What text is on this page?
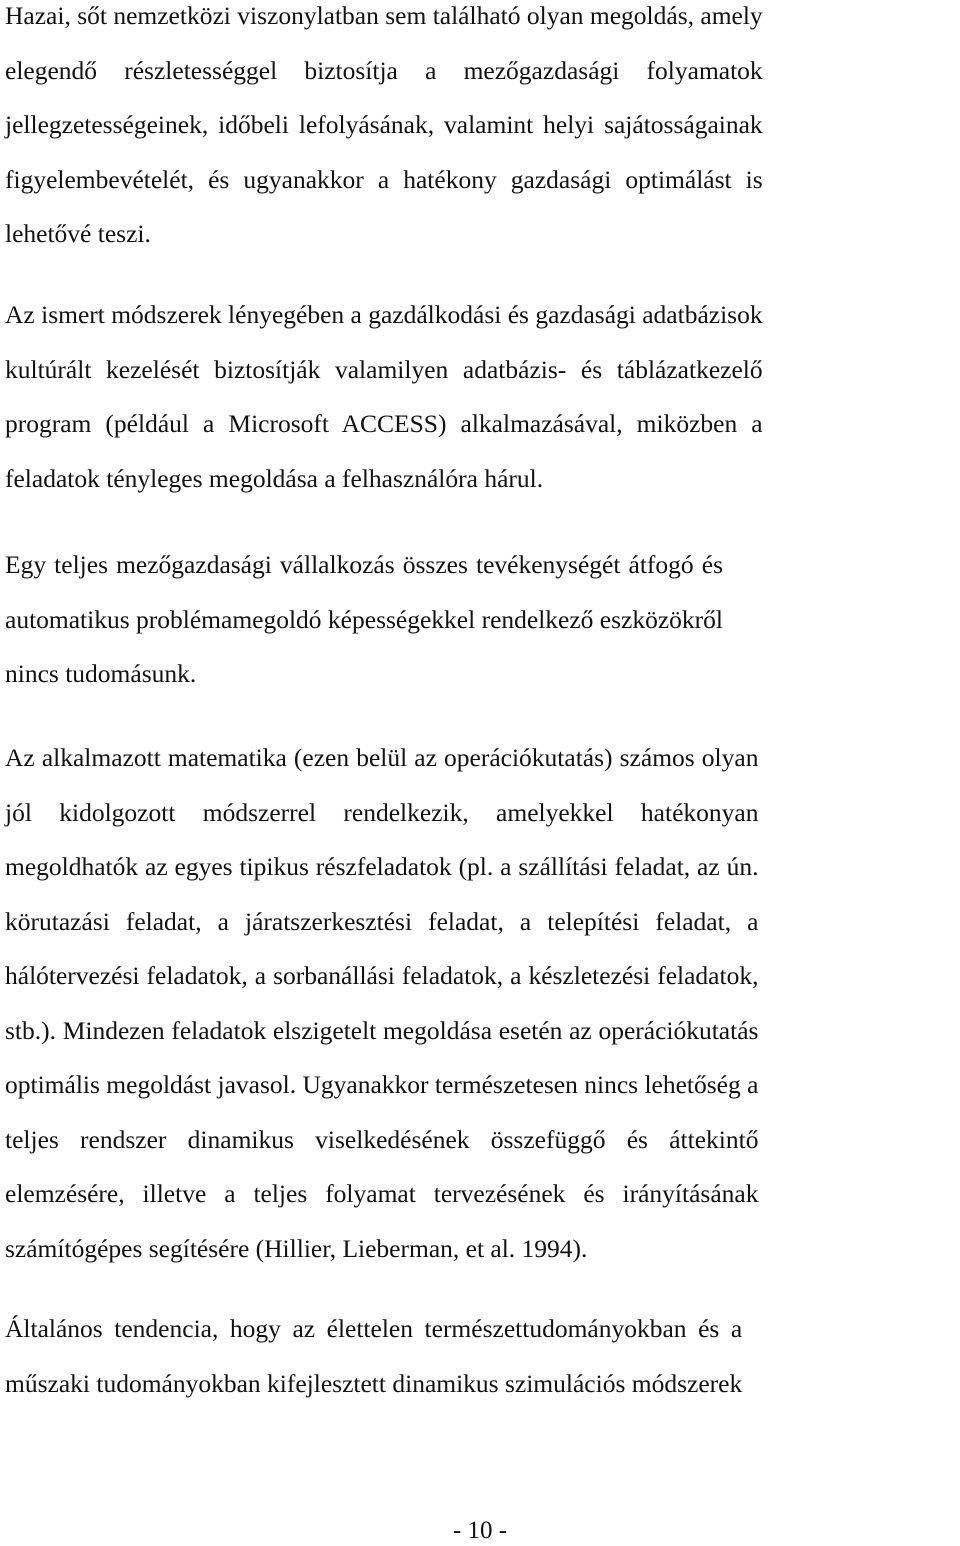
Hazai, sőt nemzetközi viszonylatban sem található olyan megoldás, amely
elegendő részletességgel biztosítja a mezőgazdasági folyamatok
jellegzetességeinek, időbeli lefolyásának, valamint helyi sajátosságainak
figyelembevételét, és ugyanakkor a hatékony gazdasági optimálást is
lehetővé teszi.
Az ismert módszerek lényegében a gazdálkodási és gazdasági adatbázisok
kultúrált kezelését biztosítják valamilyen adatbázis- és táblázatkezelő
program (például a Microsoft ACCESS) alkalmazásával, miközben a
feladatok tényleges megoldása a felhasználóra hárul.
Egy teljes mezőgazdasági vállalkozás összes tevékenységét átfogó és
automatikus problémamegoldó képességekkel rendelkező eszközökről
nincs tudomásunk.
Az alkalmazott matematika (ezen belül az operációkutatás) számos olyan
jól kidolgozott módszerrel rendelkezik, amelyekkel hatékonyan
megoldhatók az egyes tipikus részfeladatok (pl. a szállítási feladat, az ún.
körutazási feladat, a járatszerkesztési feladat, a telepítési feladat, a
hálótervezési feladatok, a sorbanállási feladatok, a készletezési feladatok,
stb.). Mindezen feladatok elszigetelt megoldása esetén az operációkutatás
optimális megoldást javasol. Ugyanakkor természetesen nincs lehetőség a
teljes rendszer dinamikus viselkedésének összefüggő és áttekintő
elemzésére, illetve a teljes folyamat tervezésének és irányításának
számítógépes segítésére (Hillier, Lieberman, et al. 1994).
Általános tendencia, hogy az élettelen természettudományokban és a
műszaki tudományokban kifejlesztett dinamikus szimulációs módszerek
- 10 -
